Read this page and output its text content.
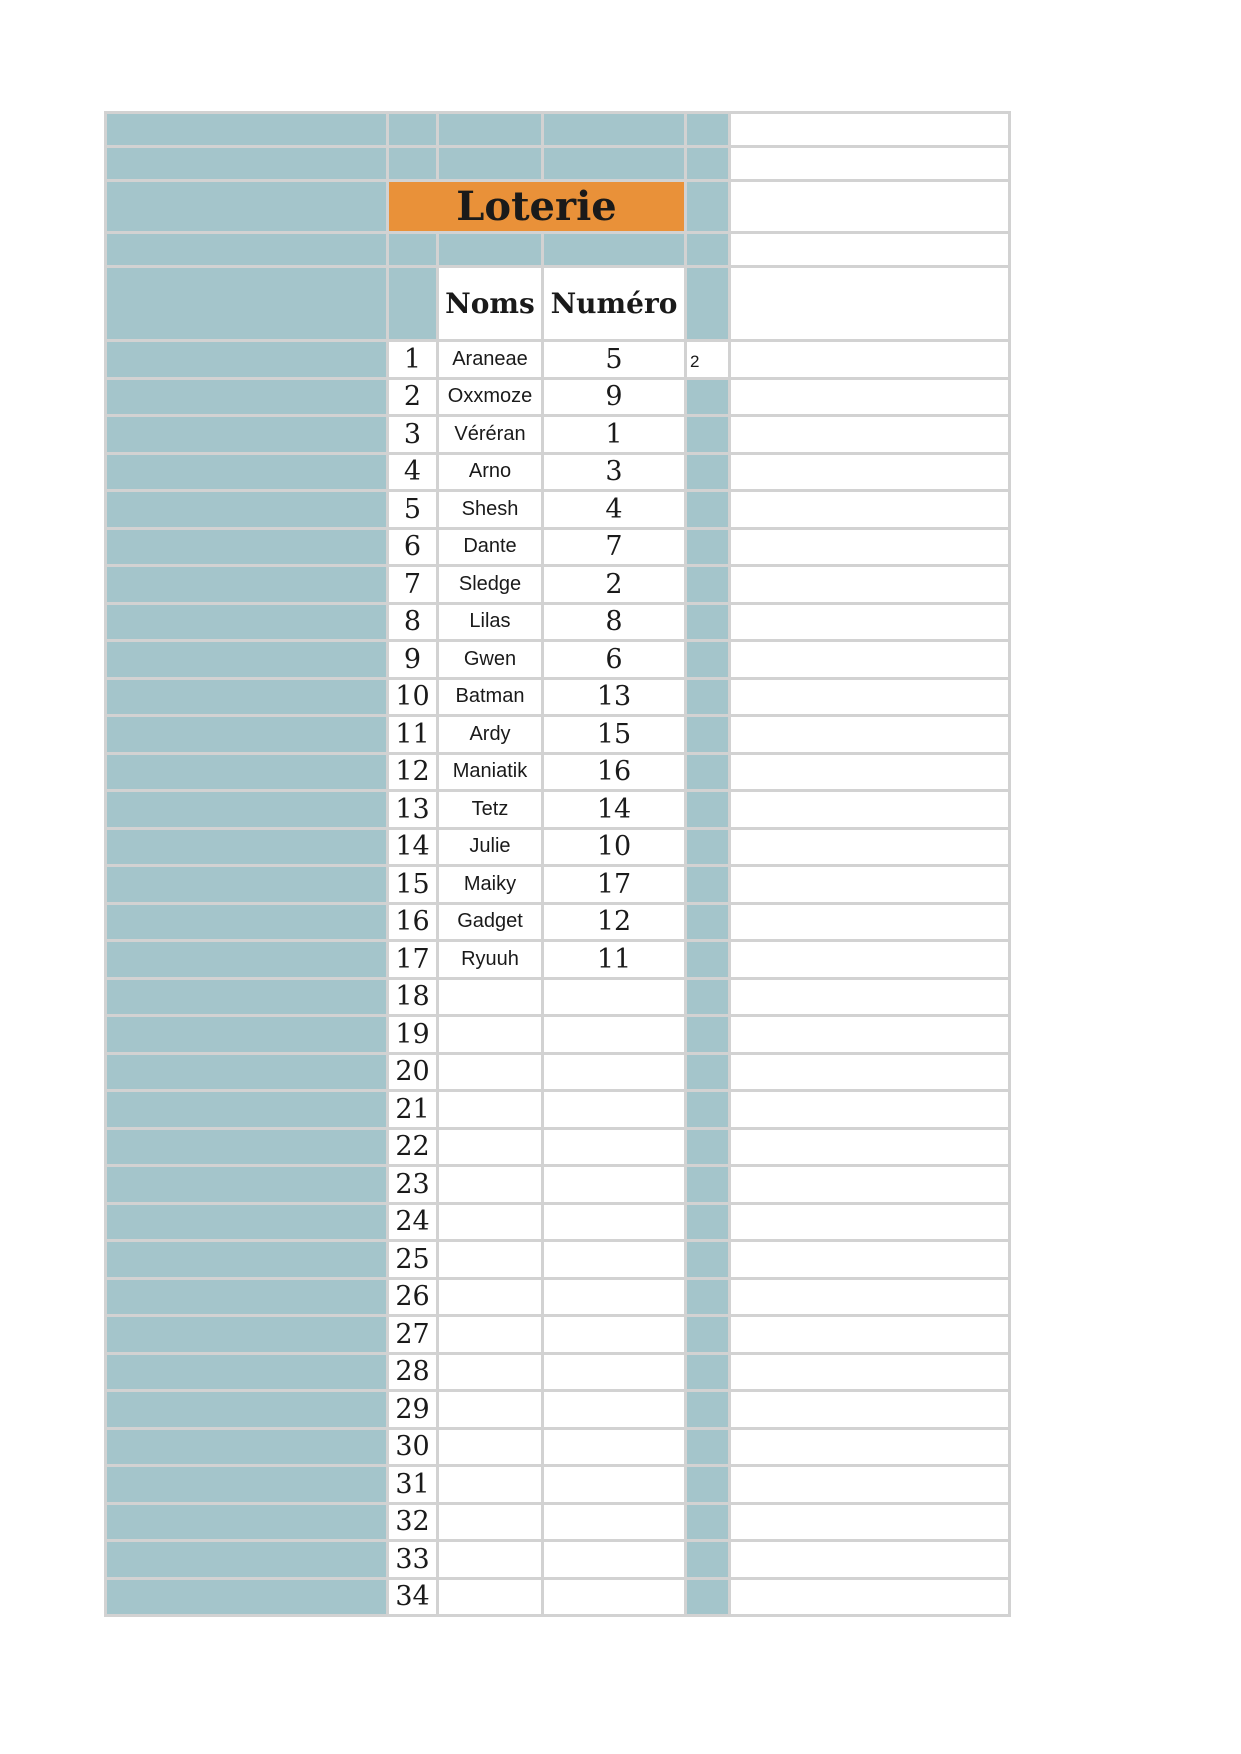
	Loterie				

		Noms	Numéro		
	1	Araneae	5	2	
	2	Oxxmoze	9		
	3	Véréran	1		
	4	Arno	3		
	5	Shesh	4		
	6	Dante	7		
	7	Sledge	2		
	8	Lilas	8		
	9	Gwen	6		
	10	Batman	13		
	11	Ardy	15		
	12	Maniatik	16		
	13	Tetz	14		
	14	Julie	10		
	15	Maiky	17		
	16	Gadget	12		
	17	Ryuuh	11		
	18				
	19				
	20				
	21				
	22				
	23				
	24				
	25				
	26				
	27				
	28				
	29				
	30				
	31				
	32				
	33				
	34				
